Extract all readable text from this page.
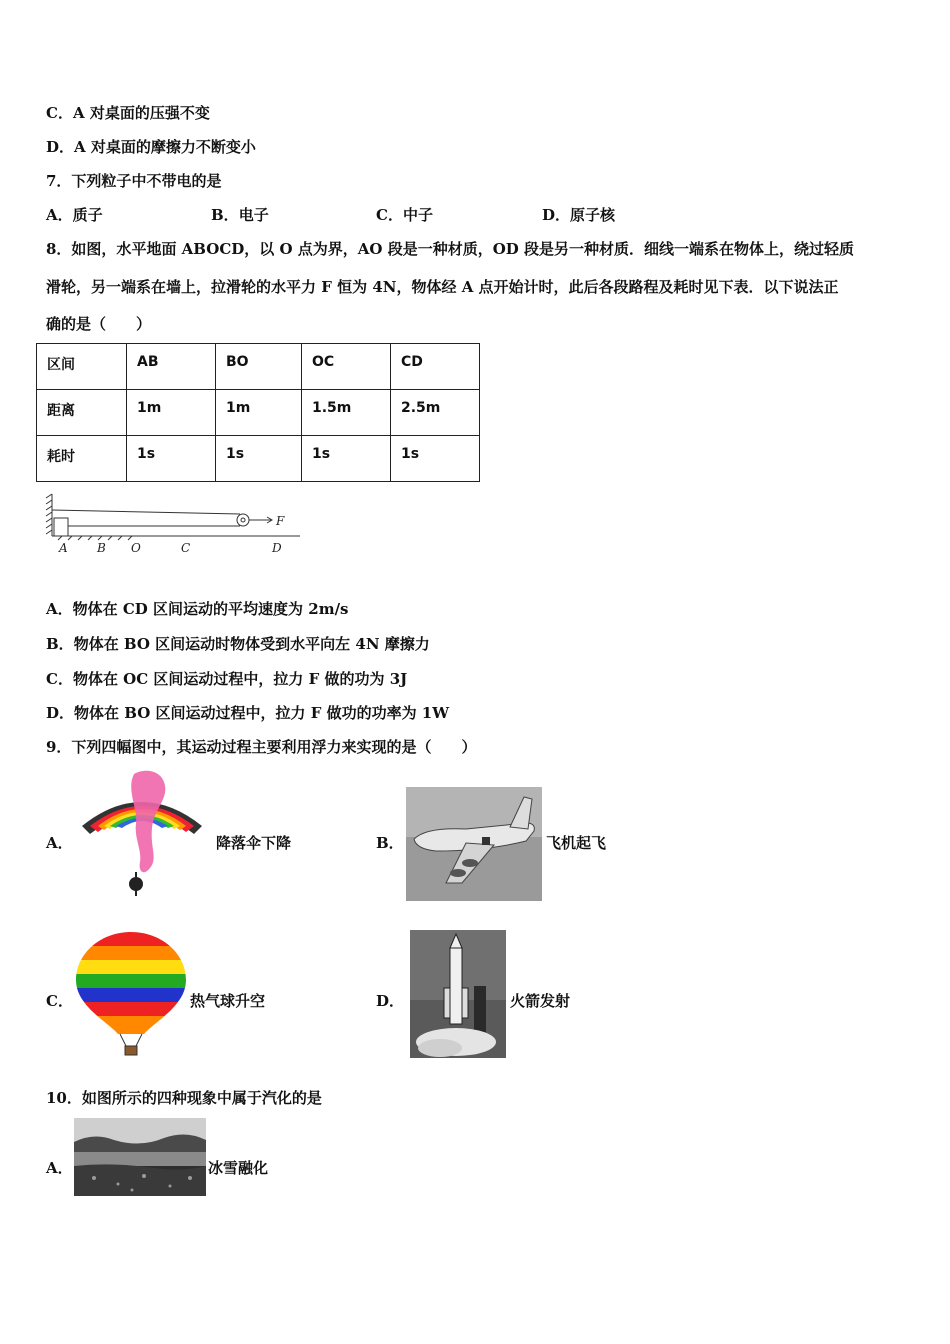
C．A 对桌面的压强不变
D．A 对桌面的摩擦力不断变小
7．下列粒子中不带电的是
A．质子	B．电子	C．中子	D．原子核
8．如图，水平地面 ABOCD，以 O 点为界，AO 段是一种材质，OD 段是另一种材质．细线一端系在物体上，绕过轻质
滑轮，另一端系在墙上，拉滑轮的水平力 F 恒为 4N，物体经 A 点开始计时，此后各段路程及耗时见下表．以下说法正
确的是（　　）
区间	AB	BO	OC	CD
距离	1m	1m	1.5m	2.5m
耗时	1s	1s	1s	1s
A B O	C	D
F
A．物体在 CD 区间运动的平均速度为 2m/s
B．物体在 BO 区间运动时物体受到水平向左 4N 摩擦力
C．物体在 OC 区间运动过程中，拉力 F 做的功为 3J
D．物体在 BO 区间运动过程中，拉力 F 做功的功率为 1W
9．下列四幅图中，其运动过程主要利用浮力来实现的是（　　）
A．	降落伞下降	B．	飞机起飞
C．	热气球升空	D．	火箭发射
10．如图所示的四种现象中属于汽化的是
A．	冰雪融化
